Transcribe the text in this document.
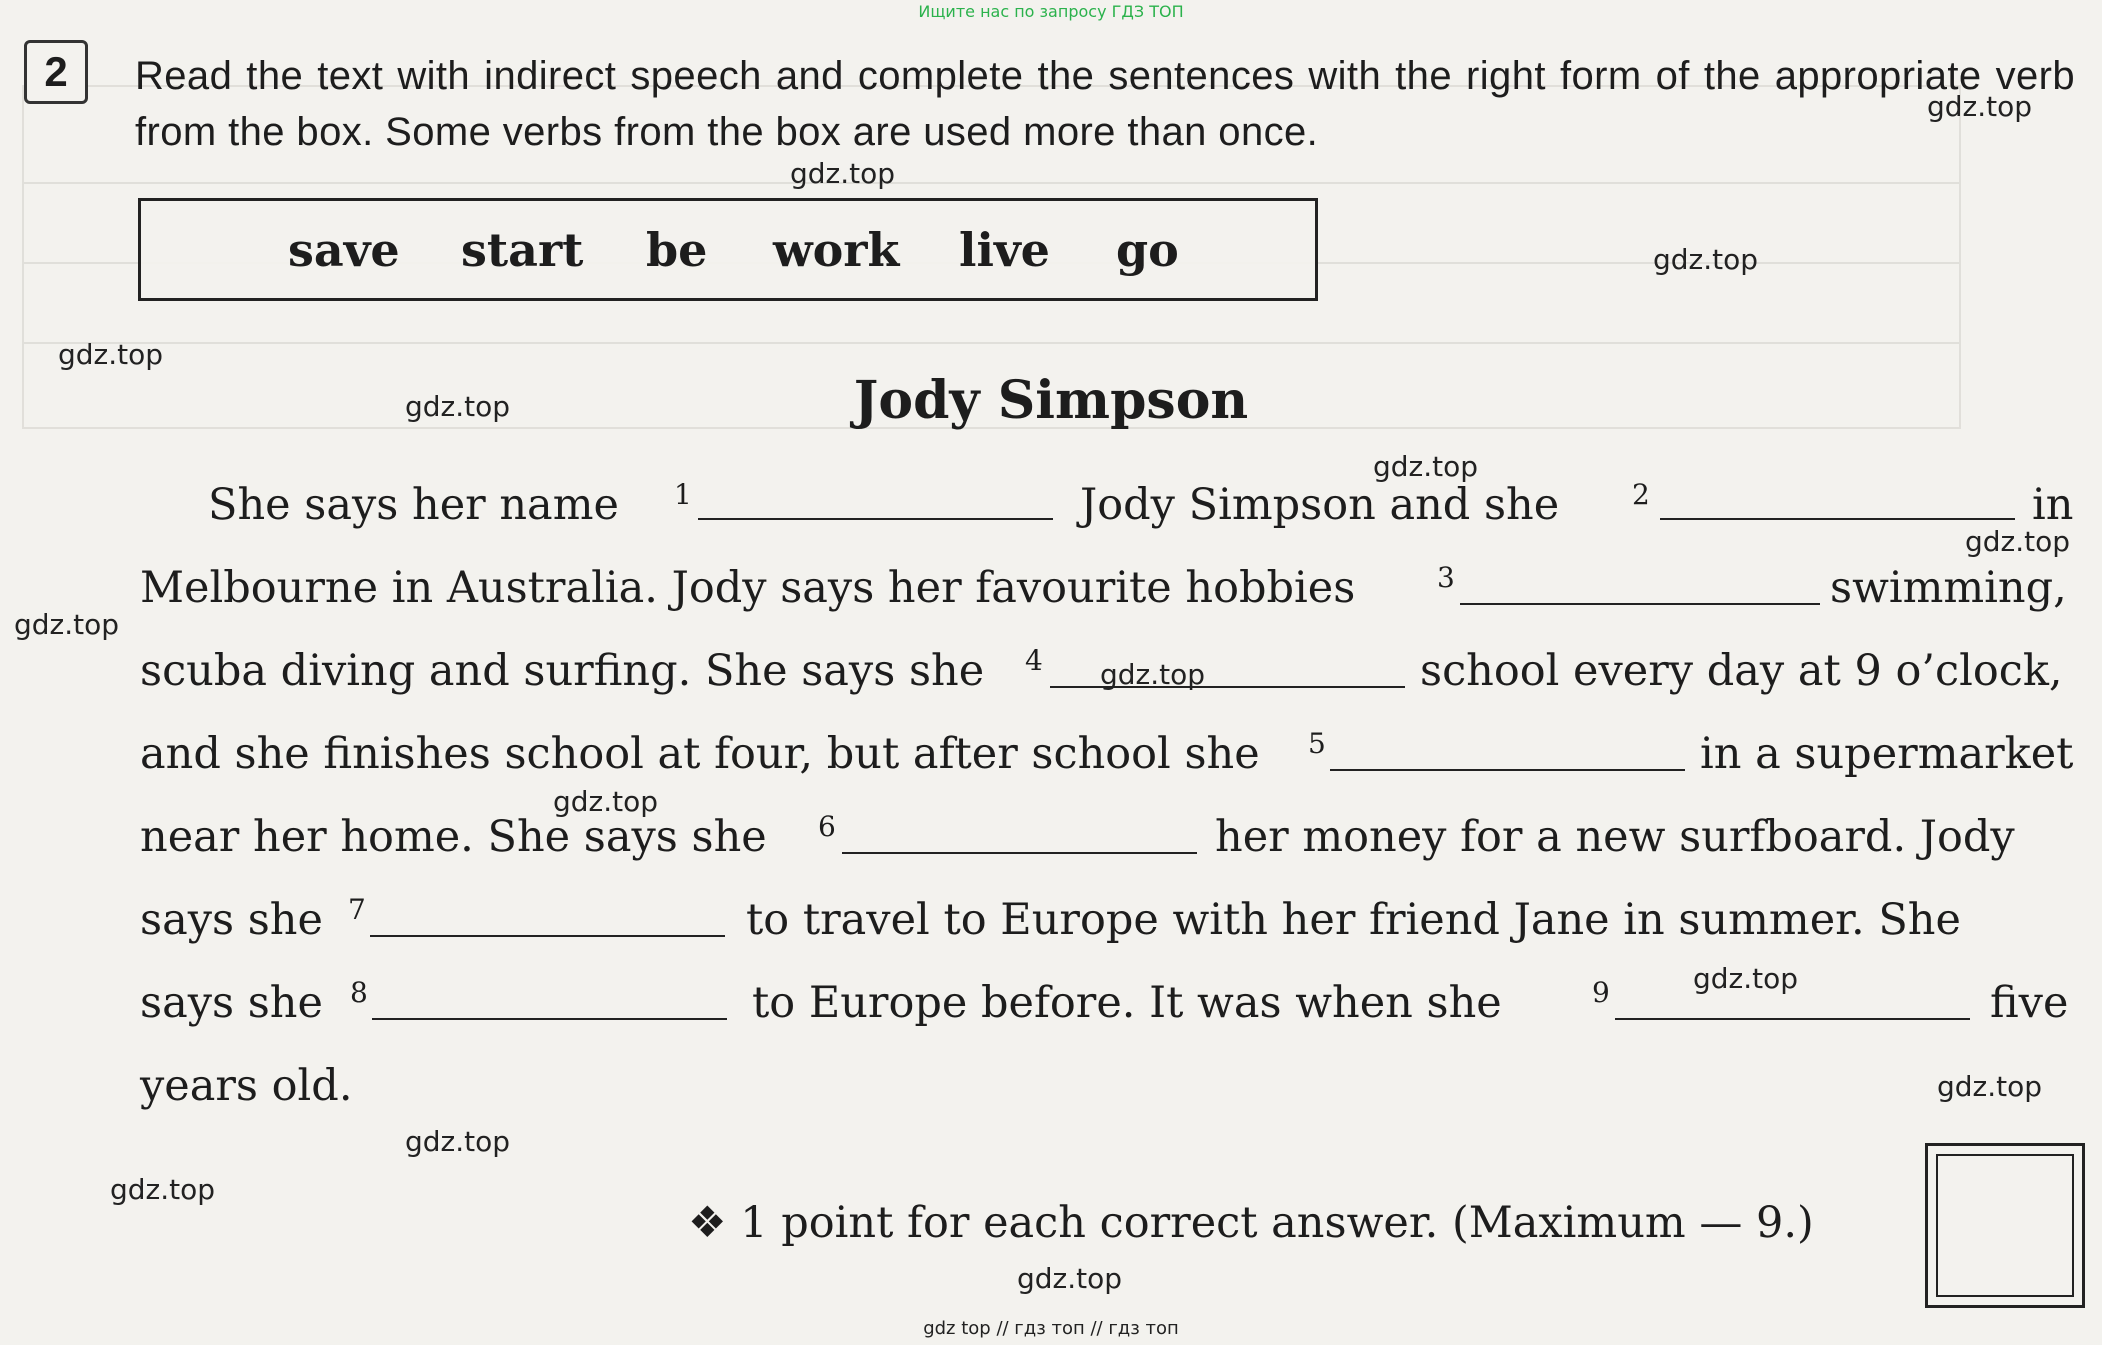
Ищите нас по запросу ГДЗ ТОП
2	Read the text with indirect speech and complete the sentences with the right form of the appropriate verb from the box. Some verbs from the box are used more than once.
save start be work live go
Jody Simpson
She says her name 1	Jody Simpson and she	2	in
Melbourne in Australia. Jody says her favourite hobbies	3	swimming,
scuba diving and surfing. She says she 4	school every day at 9 o’clock,
and she finishes school at four, but after school she 5	in a supermarket
near her home. She says she 6	her money for a new surfboard. Jody
says she 7	to travel to Europe with her friend Jane in summer. She
says she 8	to Europe before. It was when she	9	five
years old.
❖ 1 point for each correct answer. (Maximum — 9.)
gdz.top
gdz.top
gdz.top
gdz.top
gdz.top
gdz.top
gdz.top
gdz.top
gdz.top
gdz.top
gdz.top
gdz.top
gdz.top
gdz.top
gdz.top
gdz top // гдз топ // гдз топ
